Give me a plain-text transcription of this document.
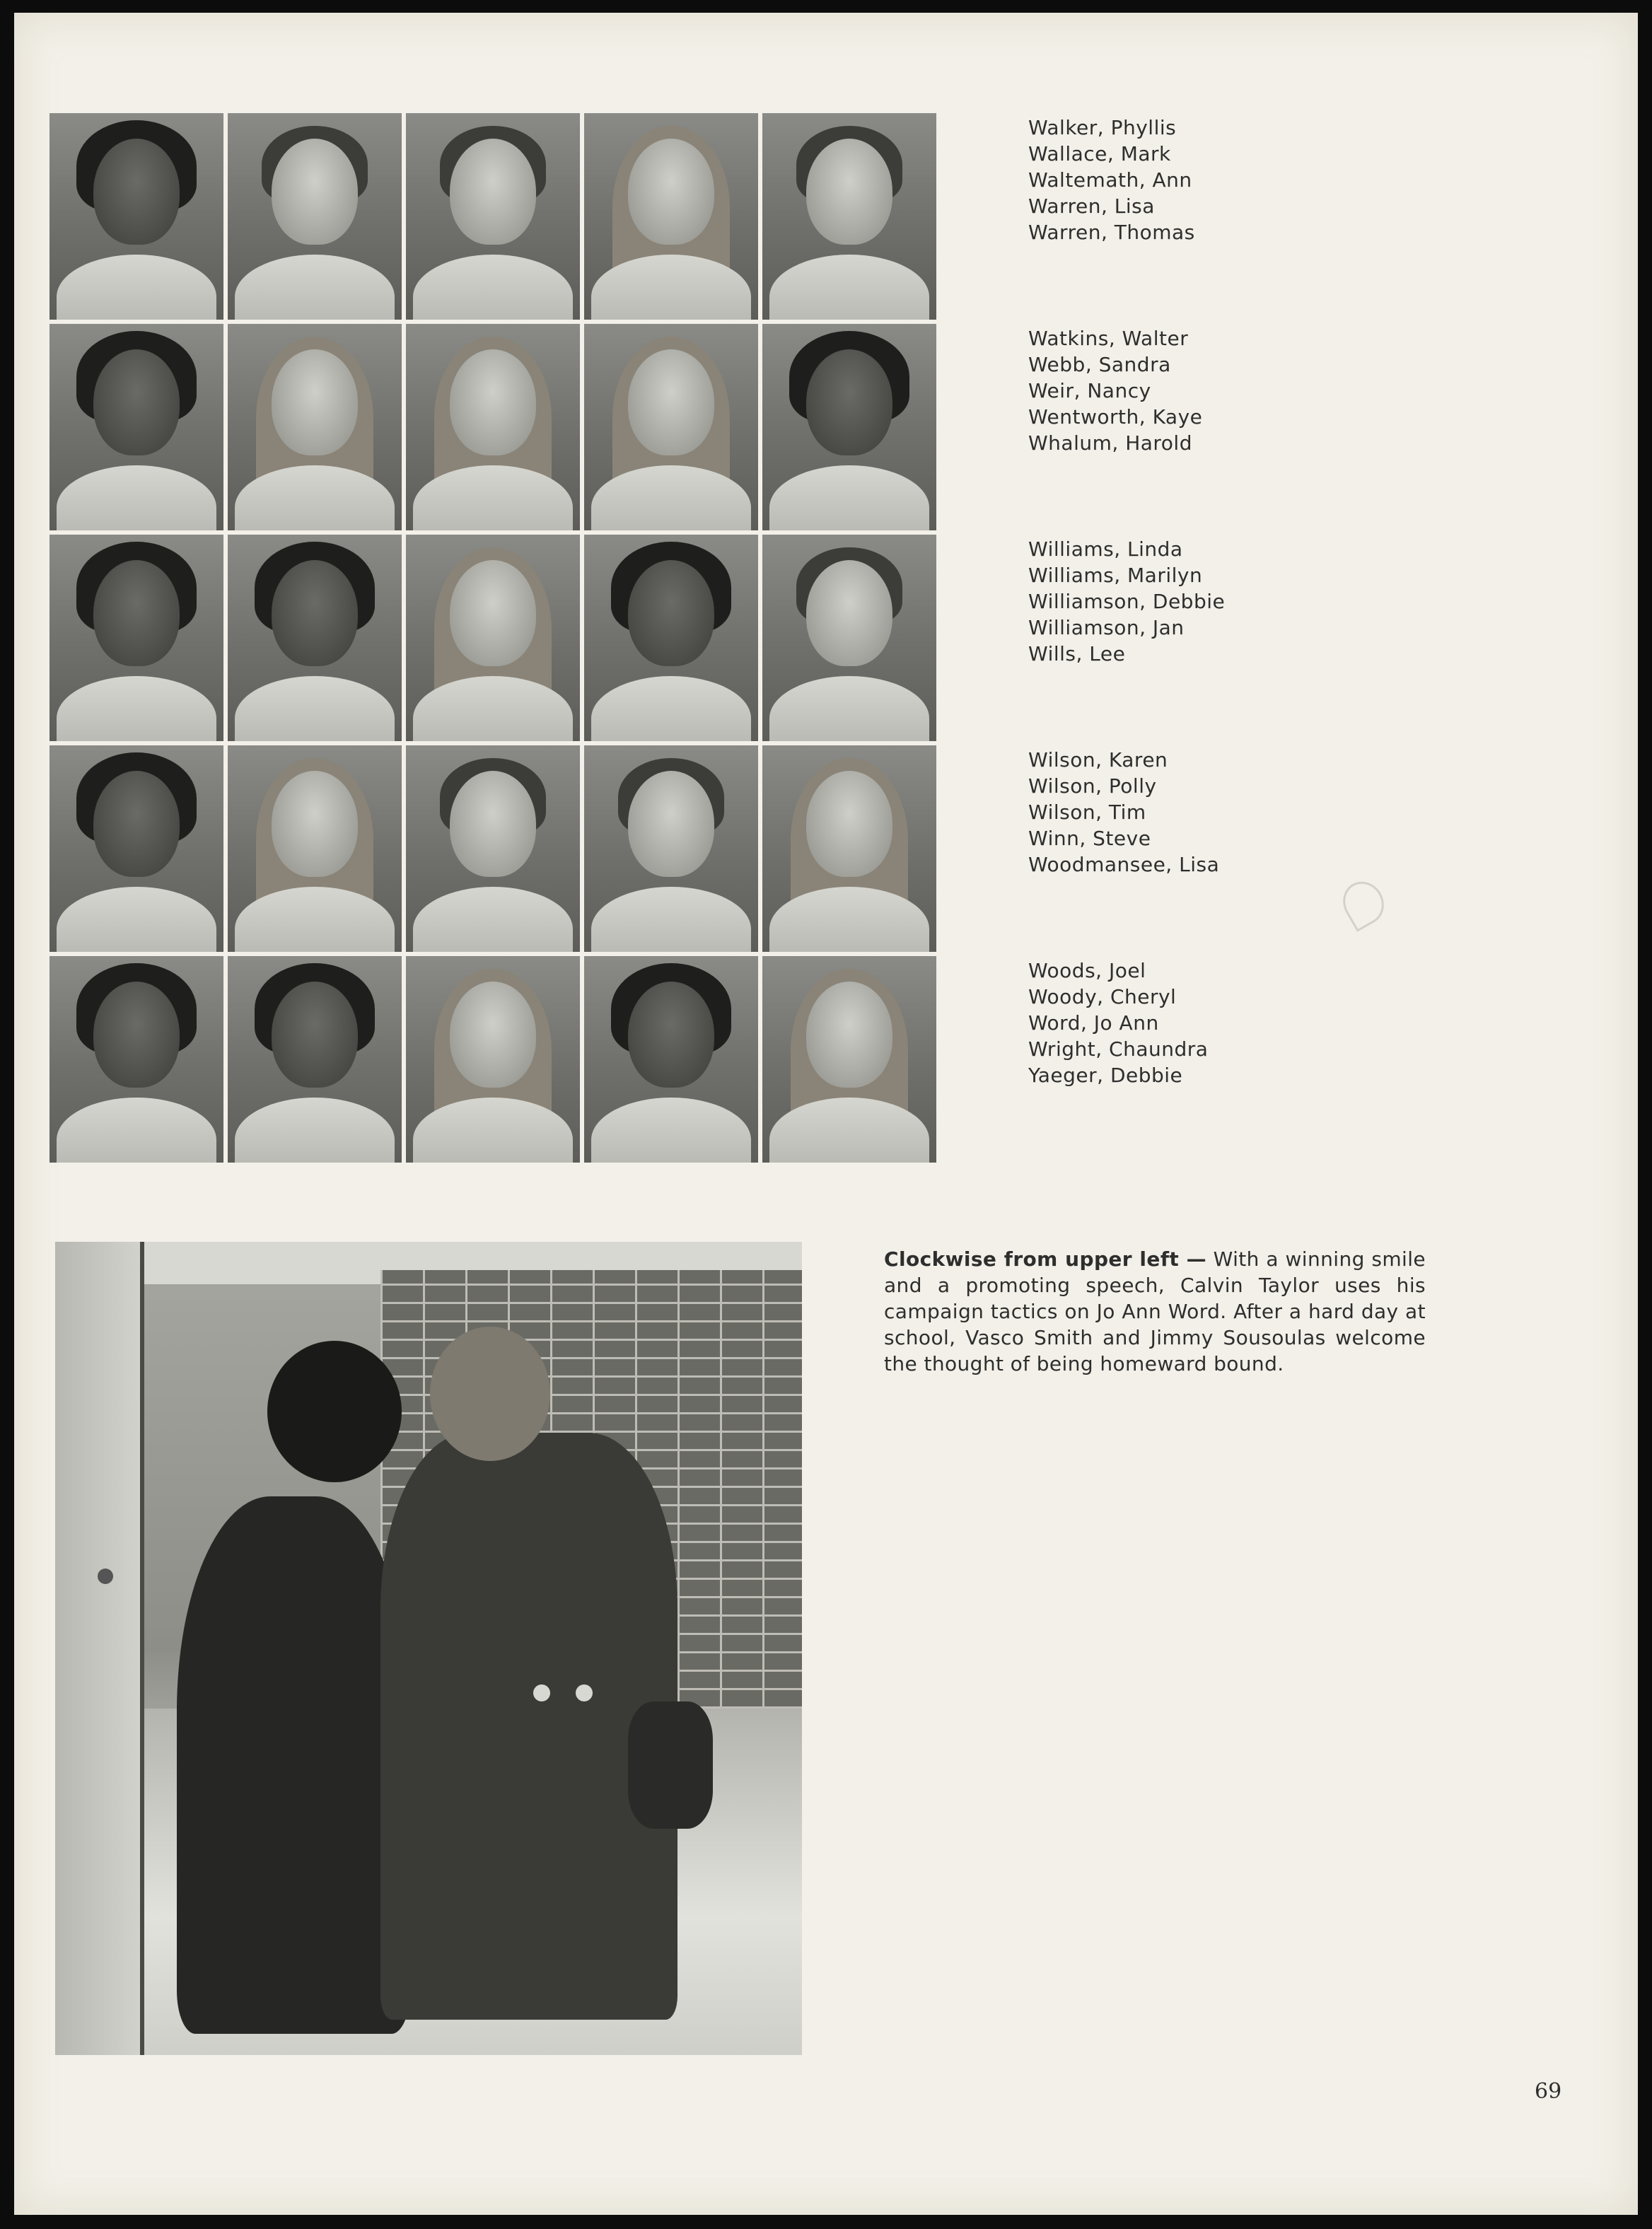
Walker, Phyllis
Wallace, Mark
Waltemath, Ann
Warren, Lisa
Warren, Thomas
Watkins, Walter
Webb, Sandra
Weir, Nancy
Wentworth, Kaye
Whalum, Harold
Williams, Linda
Williams, Marilyn
Williamson, Debbie
Williamson, Jan
Wills, Lee
Wilson, Karen
Wilson, Polly
Wilson, Tim
Winn, Steve
Woodmansee, Lisa
Woods, Joel
Woody, Cheryl
Word, Jo Ann
Wright, Chaundra
Yaeger, Debbie
Clockwise from upper left — With a winning smile and a promoting speech, Calvin Taylor uses his campaign tactics on Jo Ann Word. After a hard day at school, Vasco Smith and Jimmy Sousoulas welcome the thought of being homeward bound.
69
